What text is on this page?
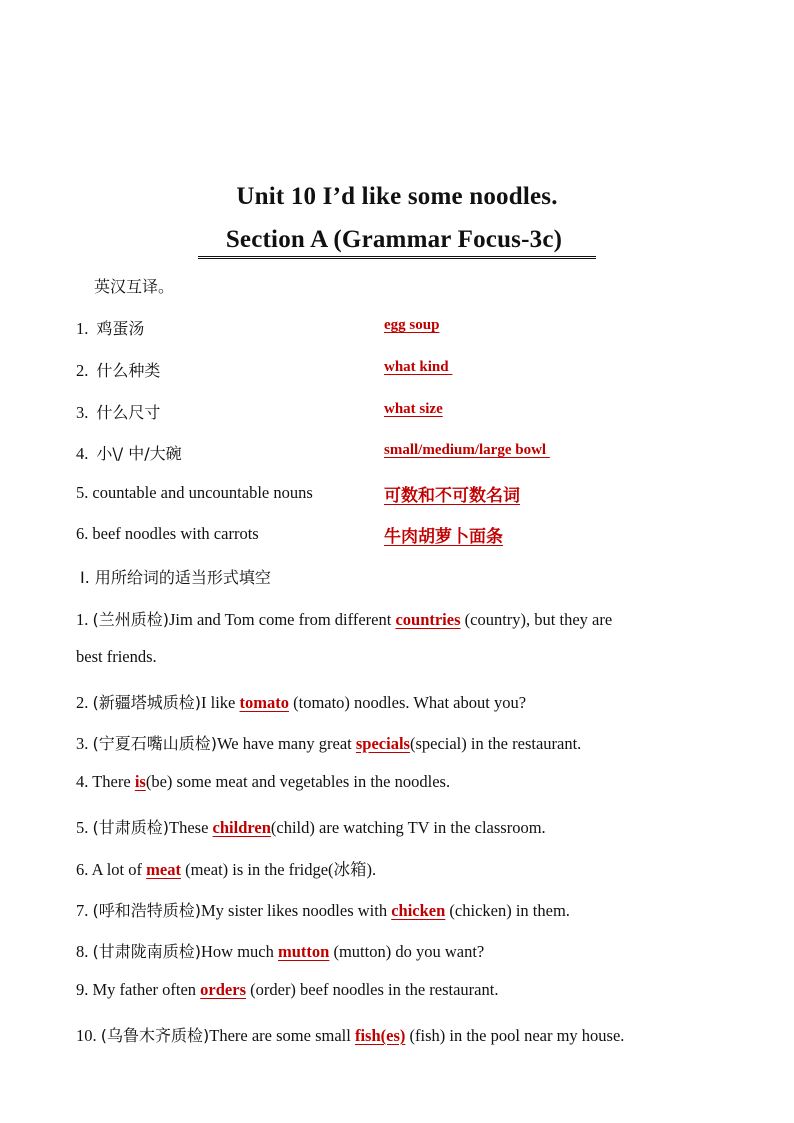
Unit 10 I’d like some noodles.
Section A (Grammar Focus-3c)
英汉互译。
1. 鸡蛋汤	egg soup
2. 什么种类	what kind
3. 什么尺寸	what size
4. 小\/ 中/大碗	small/medium/large bowl
5. countable and uncountable nouns	可数和不可数名词
6. beef noodles with carrots	牛肉胡萝卜面条
Ⅰ. 用所给词的适当形式填空
1. (兰州质检)Jim and Tom come from different countries (country), but they are
best friends.
2. (新疆塔城质检)I like tomato (tomato) noodles. What about you?
3. (宁夏石嘴山质检)We have many great specials(special) in the restaurant.
4. There is(be) some meat and vegetables in the noodles.
5. (甘肃质检)These children(child) are watching TV in the classroom.
6. A lot of meat (meat) is in the fridge(冰箱).
7. (呼和浩特质检)My sister likes noodles with chicken (chicken) in them.
8. (甘肃陇南质检)How much mutton (mutton) do you want?
9. My father often orders (order) beef noodles in the restaurant.
10. (乌鲁木齐质检)There are some small fish(es) (fish) in the pool near my house.
